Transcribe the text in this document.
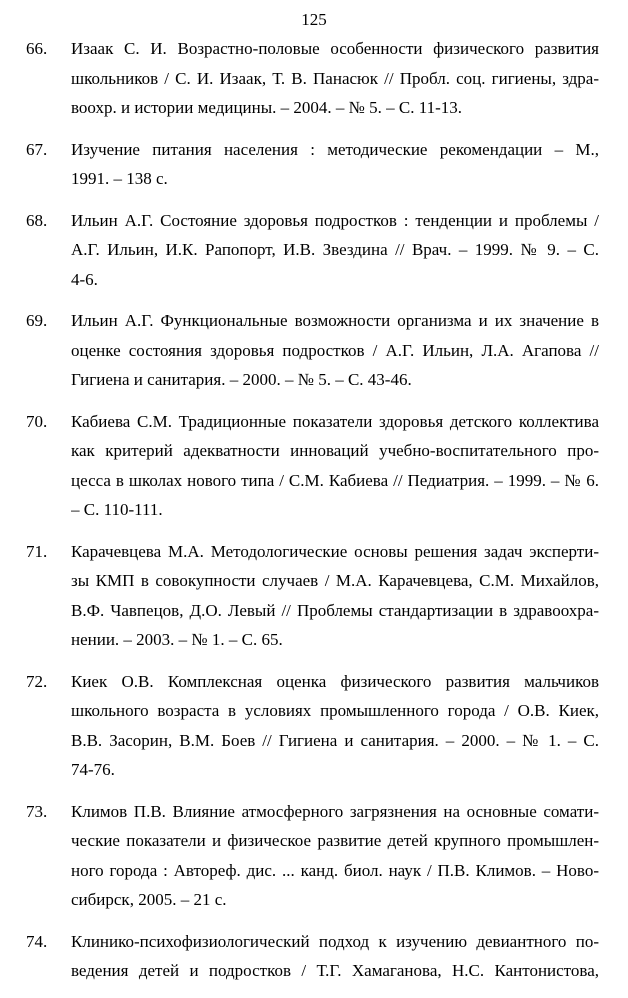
125
66. Изаак С. И. Возрастно-половые особенности физического развития
школьников / С. И. Изаак, Т. В. Панасюк // Пробл. соц. гигиены, здра-
воохр. и истории медицины. – 2004. – № 5. – С. 11-13.
67. Изучение питания населения : методические рекомендации – М.,
1991. – 138 с.
68. Ильин А.Г. Состояние здоровья подростков : тенденции и проблемы /
А.Г. Ильин, И.К. Рапопорт, И.В. Звездина // Врач. – 1999. № 9. – С.
4-6.
69. Ильин А.Г. Функциональные возможности организма и их значение в
оценке состояния здоровья подростков / А.Г. Ильин, Л.А. Агапова //
Гигиена и санитария. – 2000. – № 5. – С. 43-46.
70. Кабиева С.М. Традиционные показатели здоровья детского коллектива
как критерий адекватности инноваций учебно-воспитательного про-
цесса в школах нового типа / С.М. Кабиева // Педиатрия. – 1999. – № 6.
– С. 110-111.
71. Карачевцева М.А. Методологические основы решения задач эксперти-
зы КМП в совокупности случаев / М.А. Карачевцева, С.М. Михайлов,
В.Ф. Чавпецов, Д.О. Левый // Проблемы стандартизации в здравоохра-
нении. – 2003. – № 1. – С. 65.
72. Киек О.В. Комплексная оценка физического развития мальчиков
школьного возраста в условиях промышленного города / О.В. Киек,
В.В. Засорин, В.М. Боев // Гигиена и санитария. – 2000. – № 1. – С.
74-76.
73. Климов П.В. Влияние атмосферного загрязнения на основные сомати-
ческие показатели и физическое развитие детей крупного промышлен-
ного города : Автореф. дис. ... канд. биол. наук / П.В. Климов. – Ново-
сибирск, 2005. – 21 с.
74. Клинико-психофизиологический подход к изучению девиантного по-
ведения детей и подростков / Т.Г. Хамаганова, Н.С. Кантонистова,
